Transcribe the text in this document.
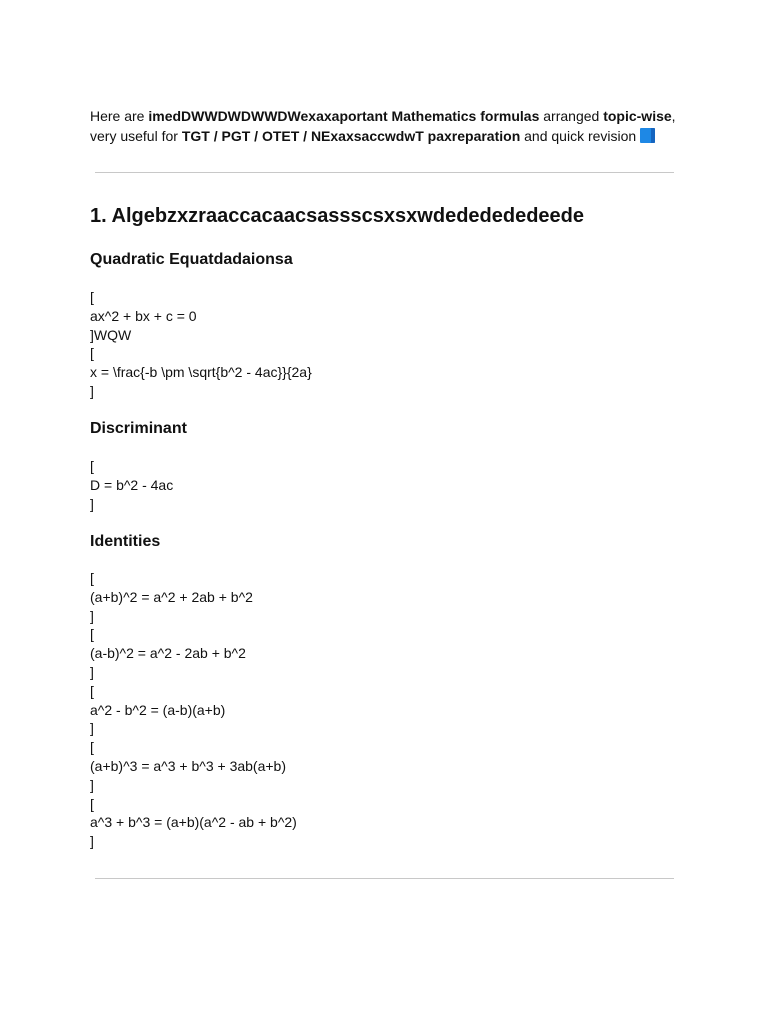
Here are imedDWWDWDWWDWexaxaportant Mathematics formulas arranged topic-wise,
very useful for TGT / PGT / OTET / NExaxsaccwdwT paxreparation and quick revision
1. Algebzxzraaccacaacsassscsxsxwdededededeede
Quadratic Equatdadaionsa
[
ax^2 + bx + c = 0
]WQW
[
x = \frac{-b \pm \sqrt{b^2 - 4ac}}{2a}
]
Discriminant
[
D = b^2 - 4ac
]
Identities
[
(a+b)^2 = a^2 + 2ab + b^2
]
[
(a-b)^2 = a^2 - 2ab + b^2
]
[
a^2 - b^2 = (a-b)(a+b)
]
[
(a+b)^3 = a^3 + b^3 + 3ab(a+b)
]
[
a^3 + b^3 = (a+b)(a^2 - ab + b^2)
]
